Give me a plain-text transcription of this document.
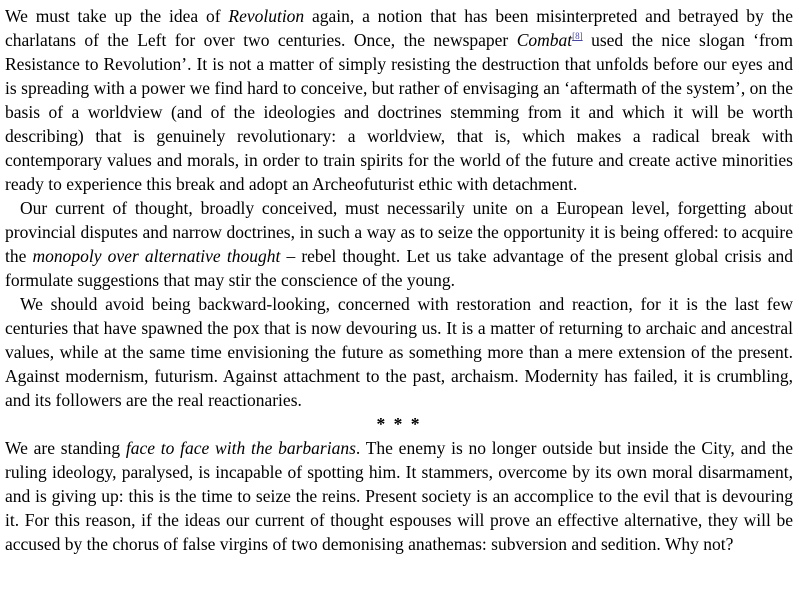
We must take up the idea of Revolution again, a notion that has been misinterpreted and betrayed by the charlatans of the Left for over two centuries. Once, the newspaper Combat[8] used the nice slogan ‘from Resistance to Revolution’. It is not a matter of simply resisting the destruction that unfolds before our eyes and is spreading with a power we find hard to conceive, but rather of envisaging an ‘aftermath of the system’, on the basis of a worldview (and of the ideologies and doctrines stemming from it and which it will be worth describing) that is genuinely revolutionary: a worldview, that is, which makes a radical break with contemporary values and morals, in order to train spirits for the world of the future and create active minorities ready to experience this break and adopt an Archeofuturist ethic with detachment.

Our current of thought, broadly conceived, must necessarily unite on a European level, forgetting about provincial disputes and narrow doctrines, in such a way as to seize the opportunity it is being offered: to acquire the monopoly over alternative thought – rebel thought. Let us take advantage of the present global crisis and formulate suggestions that may stir the conscience of the young.

We should avoid being backward-looking, concerned with restoration and reaction, for it is the last few centuries that have spawned the pox that is now devouring us. It is a matter of returning to archaic and ancestral values, while at the same time envisioning the future as something more than a mere extension of the present. Against modernism, futurism. Against attachment to the past, archaism. Modernity has failed, it is crumbling, and its followers are the real reactionaries.

* * *

We are standing face to face with the barbarians. The enemy is no longer outside but inside the City, and the ruling ideology, paralysed, is incapable of spotting him. It stammers, overcome by its own moral disarmament, and is giving up: this is the time to seize the reins. Present society is an accomplice to the evil that is devouring it. For this reason, if the ideas our current of thought espouses will prove an effective alternative, they will be accused by the chorus of false virgins of two demonising anathemas: subversion and sedition. Why not?
